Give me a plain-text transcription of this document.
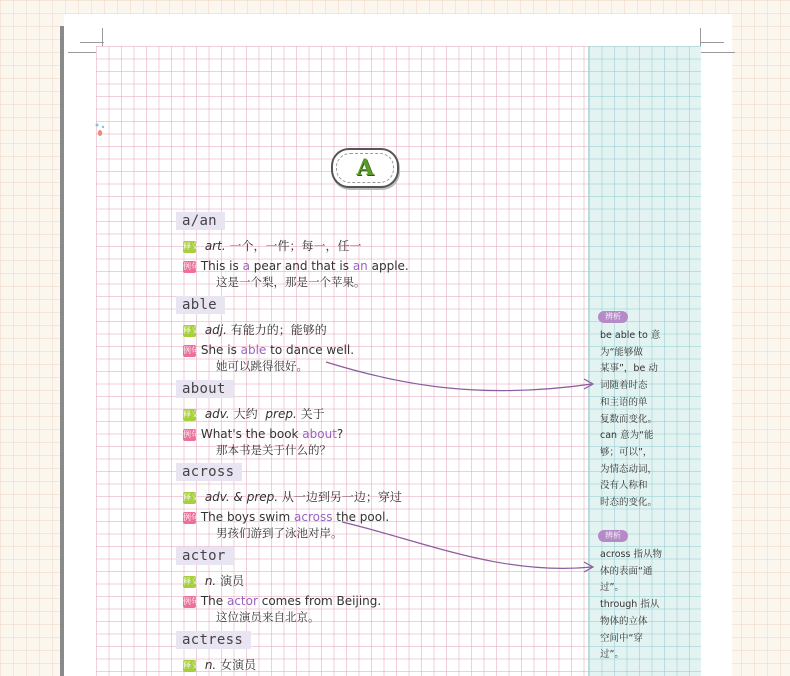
A
a/an
释义 art. 一个，一件；每一，任一
例句 This is a pear and that is an apple.
这是一个梨，那是一个苹果。
able
释义 adj. 有能力的；能够的
例句 She is able to dance well.
她可以跳得很好。
about
释义 adv. 大约 prep. 关于
例句 What's the book about?
那本书是关于什么的？
across
释义 adv. & prep. 从一边到另一边；穿过
例句 The boys swim across the pool.
男孩们游到了泳池对岸。
actor
释义 n. 演员
例句 The actor comes from Beijing.
这位演员来自北京。
actress
释义 n. 女演员
辨析
be able to 意
为“能够做
某事”，be 动
词随着时态
和主语的单
复数而变化。
can 意为“能
够；可以”，
为情态动词，
没有人称和
时态的变化。
辨析
across 指从物
体的表面“通
过”。
through 指从
物体的立体
空间中“穿
过”。
